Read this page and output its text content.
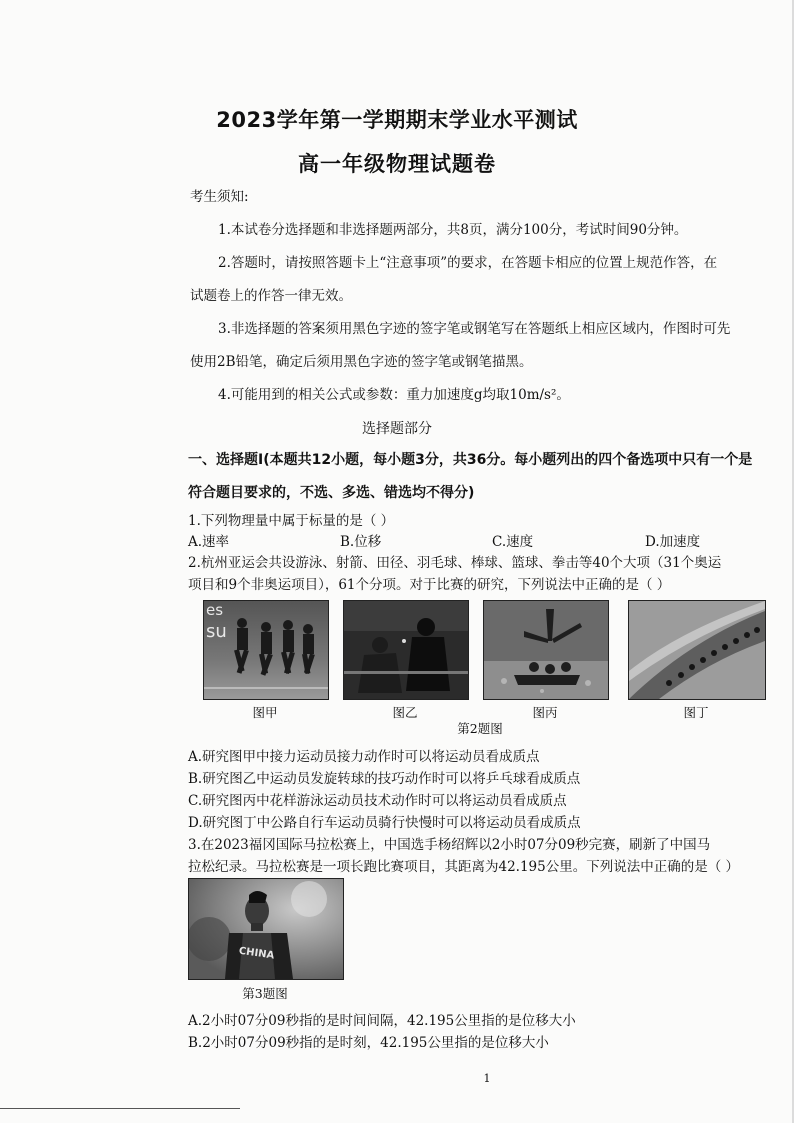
2023学年第一学期期末学业水平测试
高一年级物理试题卷
考生须知:
1.本试卷分选择题和非选择题两部分，共8页，满分100分，考试时间90分钟。
2.答题时，请按照答题卡上“注意事项”的要求，在答题卡相应的位置上规范作答，在
试题卷上的作答一律无效。
3.非选择题的答案须用黑色字迹的签字笔或钢笔写在答题纸上相应区域内，作图时可先
使用2B铅笔，确定后须用黑色字迹的签字笔或钢笔描黑。
4.可能用到的相关公式或参数：重力加速度g均取10m/s²。
选择题部分
一、选择题I(本题共12小题，每小题3分，共36分。每小题列出的四个备选项中只有一个是
符合题目要求的，不选、多选、错选均不得分)
1.下列物理量中属于标量的是（ ）
A.速率	B.位移	C.速度	D.加速度
2.杭州亚运会共设游泳、射箭、田径、羽毛球、棒球、篮球、拳击等40个大项（31个奥运
项目和9个非奥运项目），61个分项。对于比赛的研究，下列说法中正确的是（ ）
es
su
图甲	图乙	图丙	图丁
第2题图
A.研究图甲中接力运动员接力动作时可以将运动员看成质点
B.研究图乙中运动员发旋转球的技巧动作时可以将乒乓球看成质点
C.研究图丙中花样游泳运动员技术动作时可以将运动员看成质点
D.研究图丁中公路自行车运动员骑行快慢时可以将运动员看成质点
3.在2023福冈国际马拉松赛上，中国选手杨绍辉以2小时07分09秒完赛，刷新了中国马
拉松纪录。马拉松赛是一项长跑比赛项目，其距离为42.195公里。下列说法中正确的是（ ）
CHINA
第3题图
A.2小时07分09秒指的是时间间隔，42.195公里指的是位移大小
B.2小时07分09秒指的是时刻，42.195公里指的是位移大小
1
